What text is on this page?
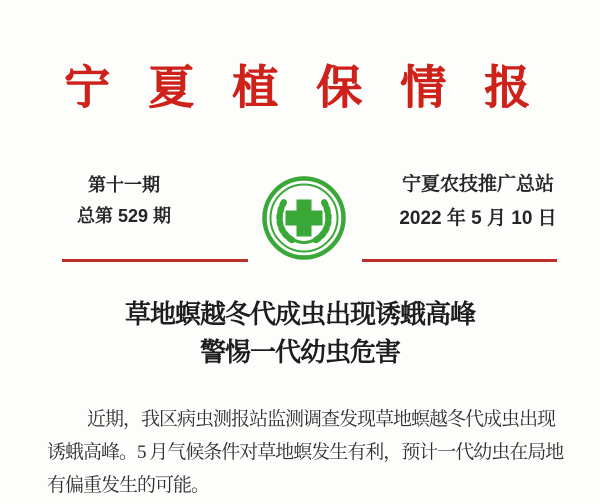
宁夏植保情报
第十一期
总第 529 期
宁夏农技推广总站
2022 年 5 月 10 日
草地螟越冬代成虫出现诱蛾高峰
警惕一代幼虫危害
近期，我区病虫测报站监测调查发现草地螟越冬代成虫出现
诱蛾高峰。5 月气候条件对草地螟发生有利，预计一代幼虫在局地
有偏重发生的可能。
